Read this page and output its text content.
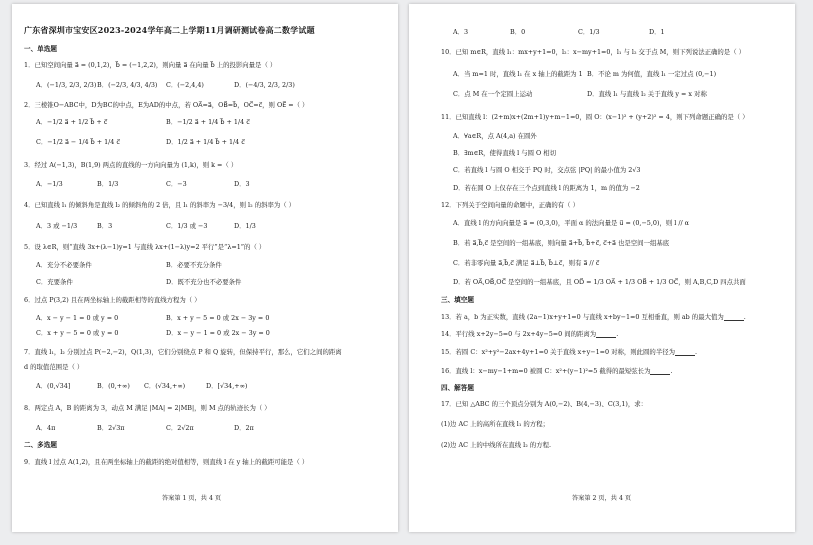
广东省深圳市宝安区2023-2024学年高二上学期11月调研测试卷高二数学试题
一、单选题
1．已知空间向量 a⃗ = (0,1,2)，b⃗ = (−1,2,2)，则向量 a⃗ 在向量 b⃗ 上的投影向量是（ ）
A．(−1/3, 2/3, 2/3) B．(−2/3, 4/3, 4/3) C．(−2,4,4)	D．(−4/3, 2/3, 2/3)
2．三棱锥O−ABC中，D为BC的中点，E为AD的中点，若 OA⃗=a⃗，OB⃗=b⃗，OC⃗=c⃗，则 OE⃗ =（ ）
A．−1/2 a⃗ + 1/2 b⃗ + c⃗	B．−1/2 a⃗ + 1/4 b⃗ + 1/4 c⃗
C．−1/2 a⃗ − 1/4 b⃗ + 1/4 c⃗	D．1/2 a⃗ + 1/4 b⃗ + 1/4 c⃗
3．经过 A(−1,3)，B(1,9) 两点的直线的一方向向量为 (1,k)，则 k =（ ）
A．−1/3	B．1/3	C．−3	D．3
4．已知直线 l₁ 的倾斜角是直线 l₂ 的倾斜角的 2 倍，且 l₁ 的斜率为 −3/4，则 l₂ 的斜率为（ ）
A．3 或 −1/3	B．3	C．1/3 或 −3	D．1/3
5．设 λ∈R，则“直线 3x+(λ−1)y=1 与直线 λx+(1−λ)y=2 平行”是“λ=1”的（ ）
A．充分不必要条件	B．必要不充分条件
C．充要条件	D．既不充分也不必要条件
6．过点 P(3,2) 且在两坐标轴上的截距相等的直线方程为（ ）
A．x − y − 1 = 0 或 y = 0	B．x + y − 5 = 0 或 2x − 3y = 0
C．x + y − 5 = 0 或 y = 0	D．x − y − 1 = 0 或 2x − 3y = 0
7．直线 l₁，l₂ 分别过点 P(−2,−2)，Q(1,3)，它们分别绕点 P 和 Q 旋转，但保持平行，那么，它们之间的距离
d 的取值范围是（ ）
A．(0,√34]	B．(0,+∞) C．(√34,+∞)	D．[√34,+∞)
8．两定点 A，B 的距离为 3，动点 M 满足 |MA| = 2|MB|，则 M 点的轨迹长为（ ）
A．4π	B．2√3π	C．2√2π	D．2π
二、多选题
9．直线 l 过点 A(1,2)，且在两坐标轴上的截距的绝对值相等，则直线 l 在 y 轴上的截距可能是（ ）
答案第 1 页，共 4 页
A．3	B．0	C．1/3	D．1
10．已知 m∈R，直线 l₁：mx+y+1=0，l₂：x−my+1=0，l₁ 与 l₂ 交于点 M，则下列说法正确的是（ ）
A．当 m=1 时，直线 l₁ 在 x 轴上的截距为 1 B．不论 m 为何值，直线 l₁ 一定过点 (0,−1)
C．点 M 在一个定圆上运动	D．直线 l₁ 与直线 l₂ 关于直线 y = x 对称
11．已知直线 l：(2+m)x+(2m+1)y+m−1=0，圆 O：(x−1)² + (y+2)² = 4，则下列命题正确的是（ ）
A．∀a∈R，点 A(4,a) 在圆外
B．∃m∈R，使得直线 l 与圆 O 相切
C．若直线 l 与圆 O 相交于 PQ 时，交点弦 |PQ| 的最小值为 2√3
D．若在圆 O 上仅存在三个点到直线 l 的距离为 1，m 的值为 −2
12．下列关于空间向量的命题中，正确的有（ ）
A．直线 l 的方向向量是 a⃗ = (0,3,0)，平面 α 的法向量是 u⃗ = (0,−5,0)，则 l // α
B．若 a⃗,b⃗,c⃗ 是空间的一组基底，则向量 a⃗+b⃗, b⃗+c⃗, c⃗+a⃗ 也是空间一组基底
C．若非零向量 a⃗,b⃗,c⃗ 满足 a⃗⊥b⃗, b⃗⊥c⃗，则有 a⃗ // c⃗
D．若 OA⃗,OB⃗,OC⃗ 是空间的一组基底，且 OD⃗ = 1/3 OA⃗ + 1/3 OB⃗ + 1/3 OC⃗，则 A,B,C,D 四点共面
三、填空题
13．若 a，b 为正实数，直线 (2a−1)x+y+1=0 与直线 x+by−1=0 互相垂直，则 ab 的最大值为	.
14．平行线 x+2y−5=0 与 2x+4y−5=0 间的距离为	.
15．若圆 C：x²+y²−2ax+4y+1=0 关于直线 x+y−1=0 对称，则此圆的半径为	.
16．直线 l：x−my−1+m=0 被圆 C：x²+(y−1)²=5 截得的最短弦长为	.
四、解答题
17．已知 △ABC 的三个顶点分别为 A(0,−2)、B(4,−3)、C(3,1)，求：
(1)边 AC 上的高所在直线 l₁ 的方程；
(2)边 AC 上的中线所在直线 l₂ 的方程.
答案第 2 页，共 4 页
